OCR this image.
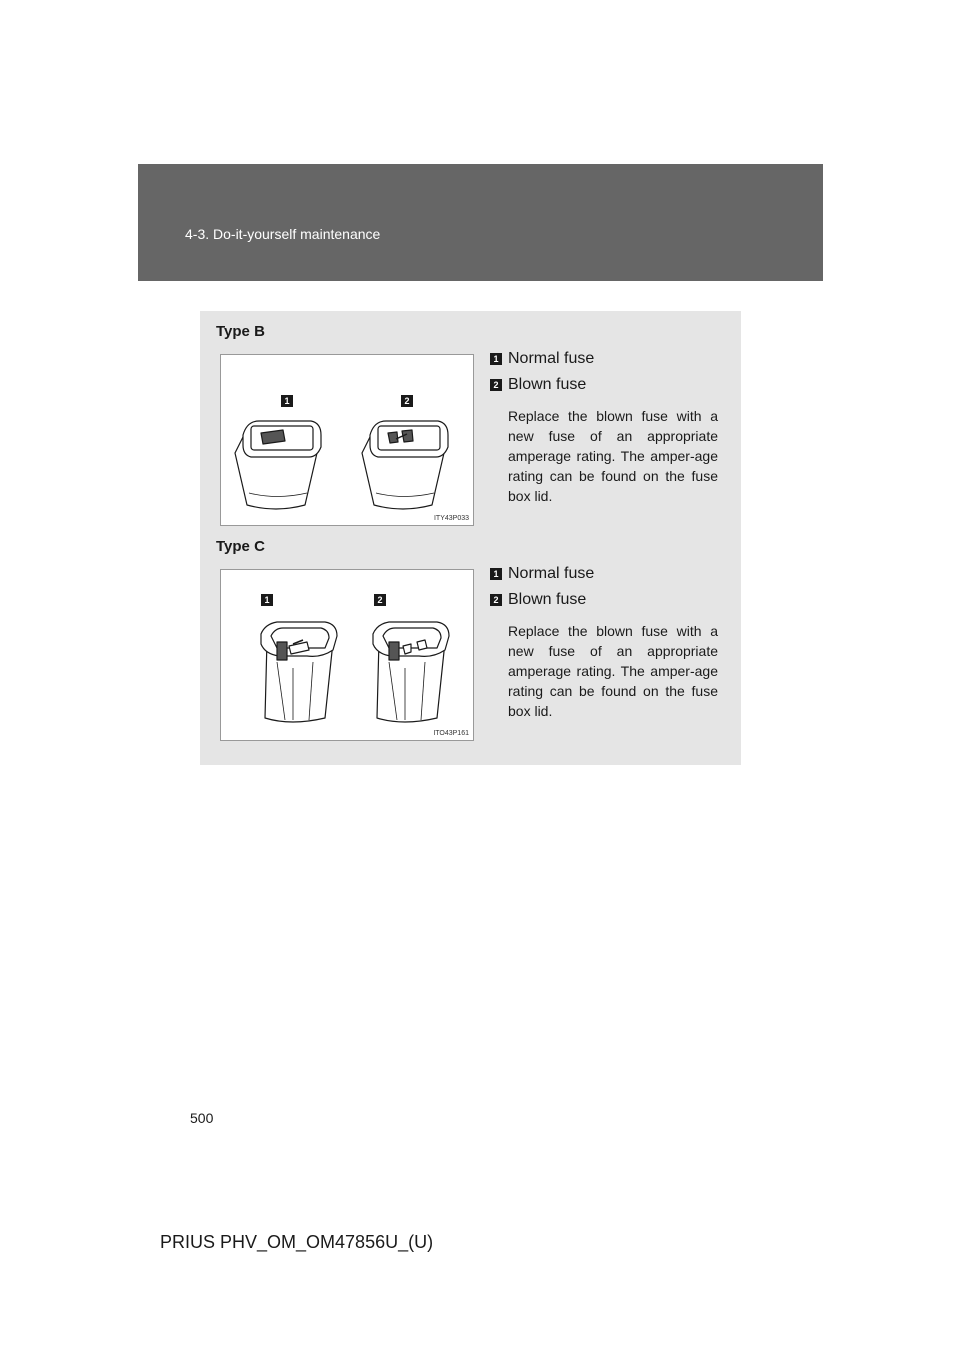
4-3. Do-it-yourself maintenance
Type B
1	2
ITY43P033
1 Normal fuse
2 Blown fuse
Replace the blown fuse with a new fuse of an appropriate amperage rating. The amper-age rating can be found on the fuse box lid.
Type C
1	2
ITO43P161
1 Normal fuse
2 Blown fuse
Replace the blown fuse with a new fuse of an appropriate amperage rating. The amper-age rating can be found on the fuse box lid.
500
PRIUS PHV_OM_OM47856U_(U)
